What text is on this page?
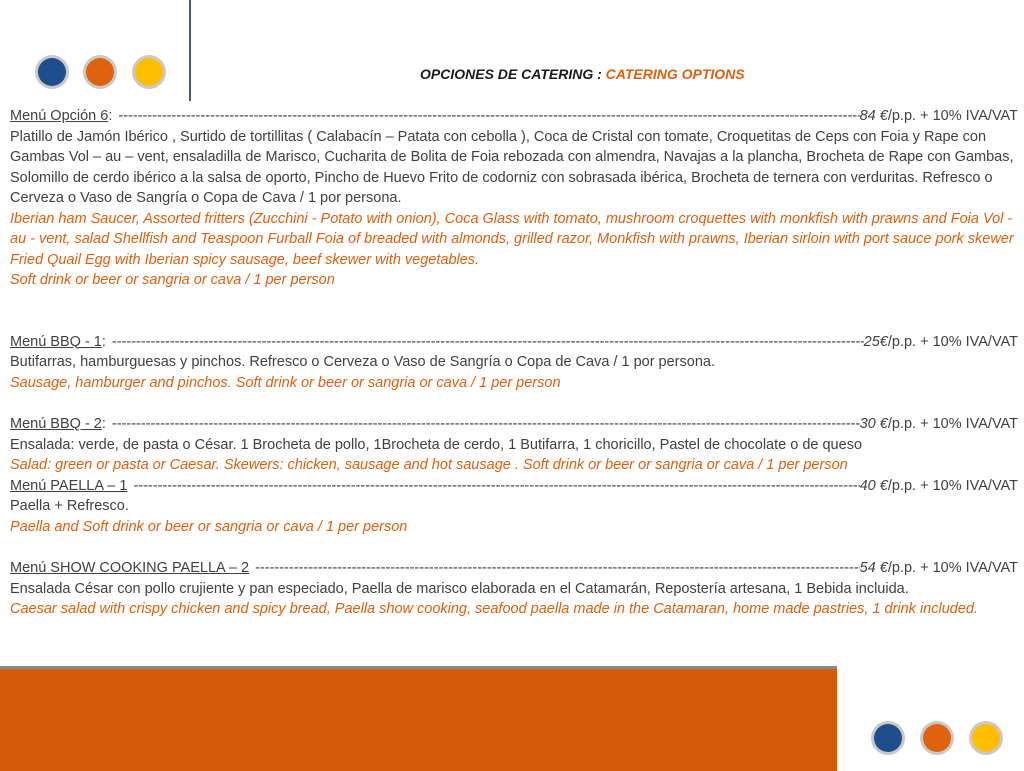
OPCIONES DE CATERING : CATERING OPTIONS
Menú Opción 6 : -----	84 €/p.p. + 10% IVA/VAT

Platillo de Jamón Ibérico , Surtido de tortillitas ( Calabacín – Patata con cebolla ), Coca de Cristal con tomate, Croquetitas de Ceps con Foia y Rape con Gambas Vol – au – vent, ensaladilla de Marisco, Cucharita de Bolita de Foia rebozada con almendra, Navajas a la plancha, Brocheta de Rape con Gambas, Solomillo de cerdo ibérico a la salsa de oporto, Pincho de Huevo Frito de codorniz con sobrasada ibérica, Brocheta de ternera con verduritas. Refresco o Cerveza o Vaso de Sangría o Copa de Cava / 1 por persona.

Iberian ham Saucer, Assorted fritters (Zucchini - Potato with onion), Coca Glass with tomato, mushroom croquettes with monkfish with prawns and Foia Vol - au - vent, salad Shellfish and Teaspoon Furball Foia of breaded with almonds, grilled razor, Monkfish with prawns, Iberian sirloin with port sauce pork skewer Fried Quail Egg with Iberian spicy sausage, beef skewer with vegetables.

Soft drink or beer or sangria or cava / 1 per person

Menú BBQ - 1 : -----	25€/p.p. + 10% IVA/VAT

Butifarras, hamburguesas y pinchos. Refresco o Cerveza o Vaso de Sangría o Copa de Cava / 1 por persona.

Sausage, hamburger and pinchos. Soft drink or beer or sangria or cava / 1 per person

Menú BBQ - 2 : -----	30 €/p.p. + 10% IVA/VAT

Ensalada: verde, de pasta o César. 1 Brocheta de pollo, 1Brocheta de cerdo, 1 Butifarra, 1 choricillo, Pastel de chocolate o de queso

Salad: green or pasta or Caesar. Skewers: chicken, sausage and hot sausage . Soft drink or beer or sangria or cava / 1 per person

Menú PAELLA – 1 -----	40 €/p.p. + 10% IVA/VAT

Paella + Refresco.

Paella and Soft drink or beer or sangria or cava / 1 per person

Menú SHOW COOKING PAELLA – 2 -----	54 €/p.p. + 10% IVA/VAT

Ensalada César con pollo crujiente y pan especiado, Paella de marisco elaborada en el Catamarán, Repostería artesana, 1 Bebida incluida.

Caesar salad with crispy chicken and spicy bread, Paella show cooking, seafood paella made in the Catamaran, home made pastries, 1 drink included.
